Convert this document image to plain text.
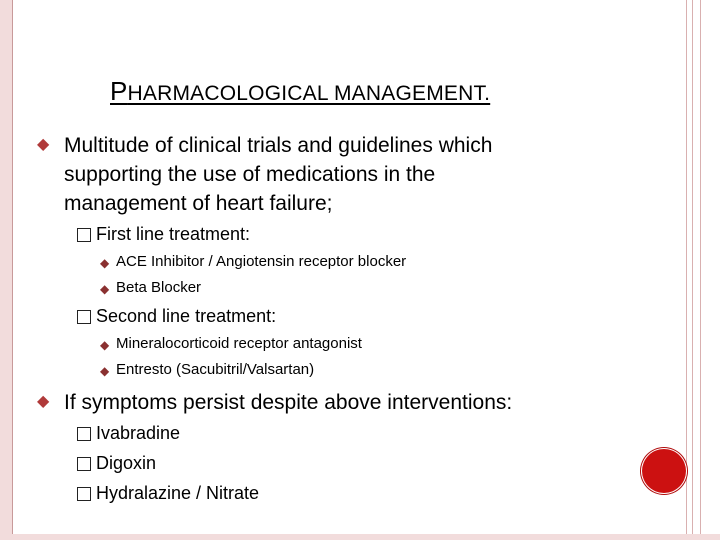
PHARMACOLOGICAL MANAGEMENT.
◆ Multitude of clinical trials and guidelines which
supporting the use of medications in the
management of heart failure;
First line treatment:
◆ ACE Inhibitor / Angiotensin receptor blocker
◆ Beta Blocker
Second line treatment:
◆ Mineralocorticoid receptor antagonist
◆ Entresto (Sacubitril/Valsartan)
◆ If symptoms persist despite above interventions:
Ivabradine
Digoxin
Hydralazine / Nitrate
